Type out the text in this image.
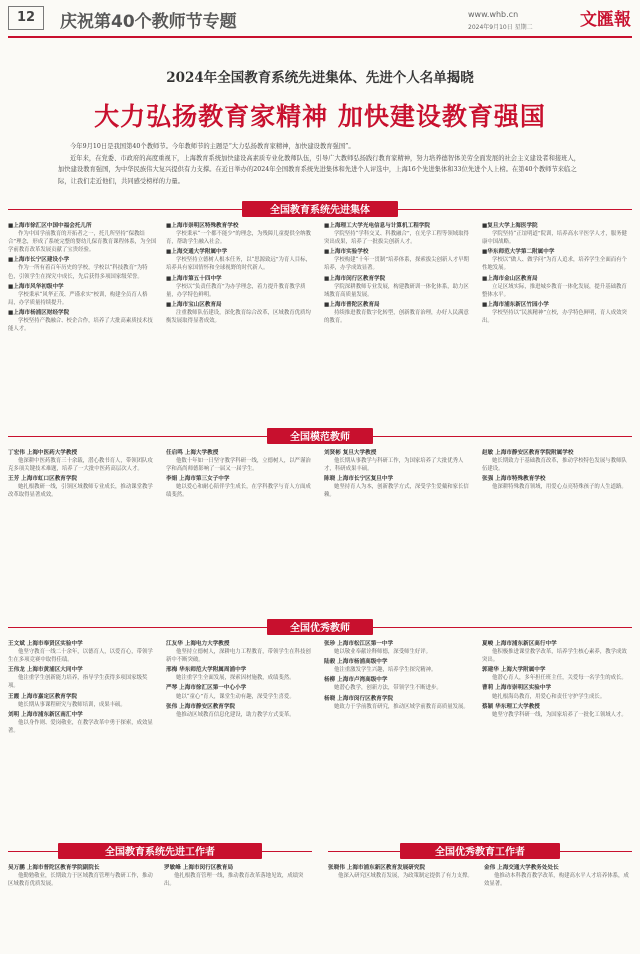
12	庆祝第40个教师节专题	www.whb.cn	文匯報
2024年9月10日 星期二
2024年全国教育系统先进集体、先进个人名单揭晓
大力弘扬教育家精神 加快建设教育强国

今年9月10日是我国第40个教师节。今年教师节的主题是“大力弘扬教育家精神，加快建设教育强国”。

近年来，在党委、市政府的高度重视下，上海教育系统加快建设高素质专业化教师队伍，引导广大教师弘扬践行教育家精神，努力培养德智体美劳全面发展的社会主义建设者和接班人，加快建设教育强国，为中华民族伟大复兴提供有力支撑。在近日举办的2024年全国教育系统先进集体和先进个人评选中，上海16个先进集体和33位先进个人上榜。在第40个教师节来临之际，让我们走近他们，共同感受榜样的力量。

全国教育系统先进集体
■上海市徐汇区中国中福会托儿所
作为中国学前教育的开拓者之一，托儿所坚持“保教结合”理念，形成了系统完整的婴幼儿保育教育课程体系，为全国学前教育改革发展贡献了宝贵经验。
■上海市长宁区建设小学
作为一所有着百年历史的学校，学校以“科技教育”为特色，引领学生在探究中成长，先后获得多项国家级荣誉。
■上海市风华初级中学
学校秉承“风华正茂、严谨求实”校训，构建全员育人格局，办学质量持续提升。
■上海市杨浦区财经学院
学校坚持产教融合、校企合作，培养了大批高素质技术技能人才。
■上海市崇明区特殊教育学校
学校秉承“一个都不能少”的理念，为残障儿童提供全纳教育，帮助学生融入社会。
■上海交通大学附属中学
学校坚持立德树人根本任务，以“思源致远”为育人目标，培养具有家国情怀和全球视野的时代新人。
■上海市第五十四中学
学校以“负责任教育”为办学理念，着力提升教育教学质量，办学特色鲜明。
■上海市宝山区教育局
注重教师队伍建设，深化教育综合改革，区域教育优质均衡发展取得显著成效。
■上海理工大学光电信息与计算机工程学院
学院坚持“学科交叉、科教融合”，在光学工程等领域取得突出成果，培养了一批拔尖创新人才。
■上海市实验学校
学校构建“十年一贯制”培养体系，探索拔尖创新人才早期培养，办学成效显著。
■上海市闵行区教育学院
学院深耕教师专业发展，构建教研训一体化体系，助力区域教育高质量发展。
■上海市普陀区教育局
持续推进教育数字化转型，创新教育治理，办好人民满意的教育。
■复旦大学上海医学院
学院坚持“正谊明道”院训，培养高水平医学人才，服务健康中国战略。
■华东师范大学第二附属中学
学校以“做人、做学问”为育人追求，培养学生全面而有个性地发展。
■上海市金山区教育局
立足区域实际，推进城乡教育一体化发展，提升基础教育整体水平。
■上海市浦东新区竹园小学
学校坚持以“民族精神”立校，办学特色鲜明，育人成效突出。
全国模范教师
丁宏伟 上海中医药大学教授
他深耕中医药教育三十余载，潜心教书育人，带领团队攻克多项关键技术难题，培养了一大批中医药高层次人才。
王芳 上海市虹口区教育学院
她扎根教研一线，引领区域教师专业成长，推动课堂教学改革取得显著成效。
任启鸣 上海大学教授
他数十年如一日坚守教学科研一线，立德树人，以严谨治学和高尚师德影响了一届又一届学生。
李娟 上海市第三女子中学
她以爱心和耐心陪伴学生成长，在学科教学与育人方面成绩斐然。
刘贤彬 复旦大学教授
他长期从事教学与科研工作，为国家培养了大批优秀人才，科研成果丰硕。
陈晓 上海市长宁区复旦中学
她坚持育人为本，创新教学方式，深受学生爱戴和家长信赖。
赵敏 上海市静安区教育学院附属学校
她长期致力于基础教育改革，推动学校特色发展与教师队伍建设。
张强 上海市特殊教育学校
他深耕特殊教育领域，用爱心点亮特殊孩子的人生道路。
全国优秀教师
王文斌 上海市奉贤区实验中学
他坚守教育一线二十余年，以德育人，以爱育心，带领学生在多项竞赛中取得佳绩。
王伟龙 上海市黄浦区大同中学
他注重学生创新能力培养，指导学生获得多项国家级奖项。
王霞 上海市嘉定区教育学院
她长期从事课程研究与教师培训，成果丰硕。
刘明 上海市浦东新区南汇中学
他以身作则、爱岗敬业，在教学改革中勇于探索，成效显著。
江友华 上海电力大学教授
他坚持立德树人，深耕电力工程教育，带领学生在科技创新中不断突破。
邢梅 华东师范大学附属周浦中学
她注重学生全面发展，探索因材施教，成绩斐然。
严琴 上海市徐汇区第一中心小学
她以“童心”育人，课堂生动有趣，深受学生喜爱。
张伟 上海市静安区教育学院
他推动区域教育信息化建设，助力教学方式变革。
张珍 上海市松江区第一中学
她以敬业奉献诠释师德，深受师生好评。
陆毅 上海市杨浦高级中学
他注重激发学生兴趣，培养学生探究精神。
杨柳 上海市卢湾高级中学
她潜心教学，创新方法，带领学生不断进步。
杨晓 上海市闵行区教育学院
她致力于学前教育研究，推动区域学前教育高质量发展。
夏峻 上海市浦东新区高行中学
他积极推进课堂教学改革，培养学生核心素养，教学成效突出。
郭建华 上海大学附属中学
他潜心育人，多年担任班主任，关爱每一名学生的成长。
曹莉 上海市崇明区实验中学
她扎根海岛教育，用爱心和责任守护学生成长。
蔡颖 华东理工大学教授
她坚守教学科研一线，为国家培养了一批化工领域人才。
全国教育系统先进工作者	全国优秀教育工作者
吴万鹏 上海市普陀区教育学院副院长
他勤勉敬业，长期致力于区域教育管理与教研工作，推动区域教育优质发展。
罗敏峰 上海市闵行区教育局
他扎根教育管理一线，推动教育改革落地见效，成绩突出。
张晓伟 上海市浦东新区教育发展研究院
他深入研究区域教育发展，为政策制定提供了有力支撑。
金伟 上海交通大学教务处处长
他推动本科教育教学改革，构建高水平人才培养体系，成效显著。
